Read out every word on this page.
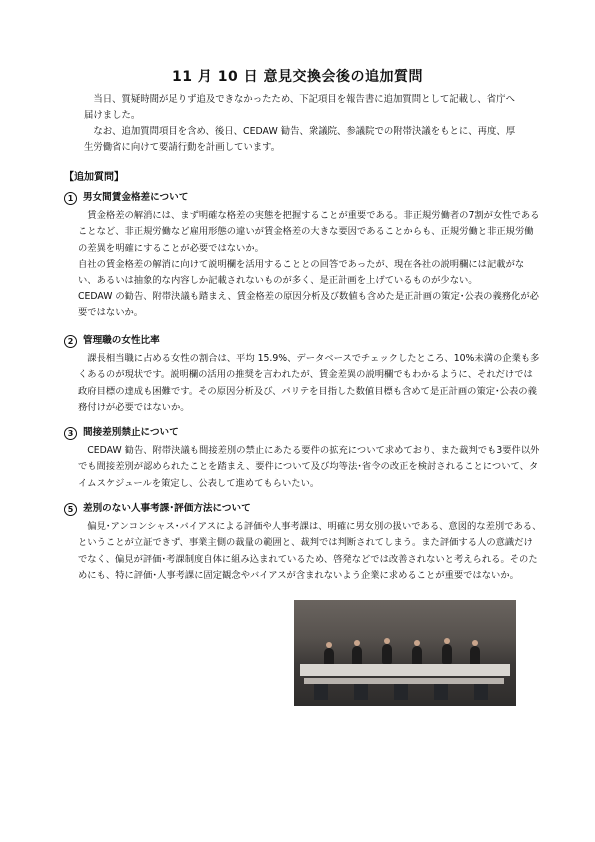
11 月 10 日 意見交換会後の追加質問

当日、質疑時間が足りず追及できなかったため、下記項目を報告書に追加質問として記載し、省庁へ届けました。

なお、追加質問項目を含め、後日、CEDAW 勧告、衆議院、参議院での附帯決議をもとに、再度、厚生労働省に向けて要請行動を計画しています。

【追加質問】
1	男女間賃金格差について

賃金格差の解消には、まず明確な格差の実態を把握することが重要である。非正規労働者の7割が女性であることなど、非正規労働など雇用形態の違いが賃金格差の大きな要因であることからも、正規労働と非正規労働の差異を明確にすることが必要ではないか。

自社の賃金格差の解消に向けて説明欄を活用することとの回答であったが、現在各社の説明欄には記載がない、あるいは抽象的な内容しか記載されないものが多く、是正計画を上げているものが少ない。

CEDAW の勧告、附帯決議も踏まえ、賃金格差の原因分析及び数値も含めた是正計画の策定･公表の義務化が必要ではないか。

2	管理職の女性比率

課長相当職に占める女性の割合は、平均 15.9%、データベースでチェックしたところ、10%未満の企業も多くあるのが現状です。説明欄の活用の推奨を言われたが、賃金差異の説明欄でもわかるように、それだけでは政府目標の達成も困難です。その原因分析及び、パリテを目指した数値目標も含めて是正計画の策定･公表の義務付けが必要ではないか。

3	間接差別禁止について

CEDAW 勧告、附帯決議も間接差別の禁止にあたる要件の拡充について求めており、また裁判でも3要件以外でも間接差別が認められたことを踏まえ、要件について及び均等法･省令の改正を検討されることについて、タイムスケジュールを策定し、公表して進めてもらいたい。

5	差別のない人事考課･評価方法について

偏見･アンコンシャス･バイアスによる評価や人事考課は、明確に男女別の扱いである、意図的な差別である、ということが立証できず、事業主側の裁量の範囲と、裁判では判断されてしまう。また評価する人の意識だけでなく、偏見が評価･考課制度自体に組み込まれているため、啓発などでは改善されないと考えられる。そのためにも、特に評価･人事考課に固定観念やバイアスが含まれないよう企業に求めることが重要ではないか。
